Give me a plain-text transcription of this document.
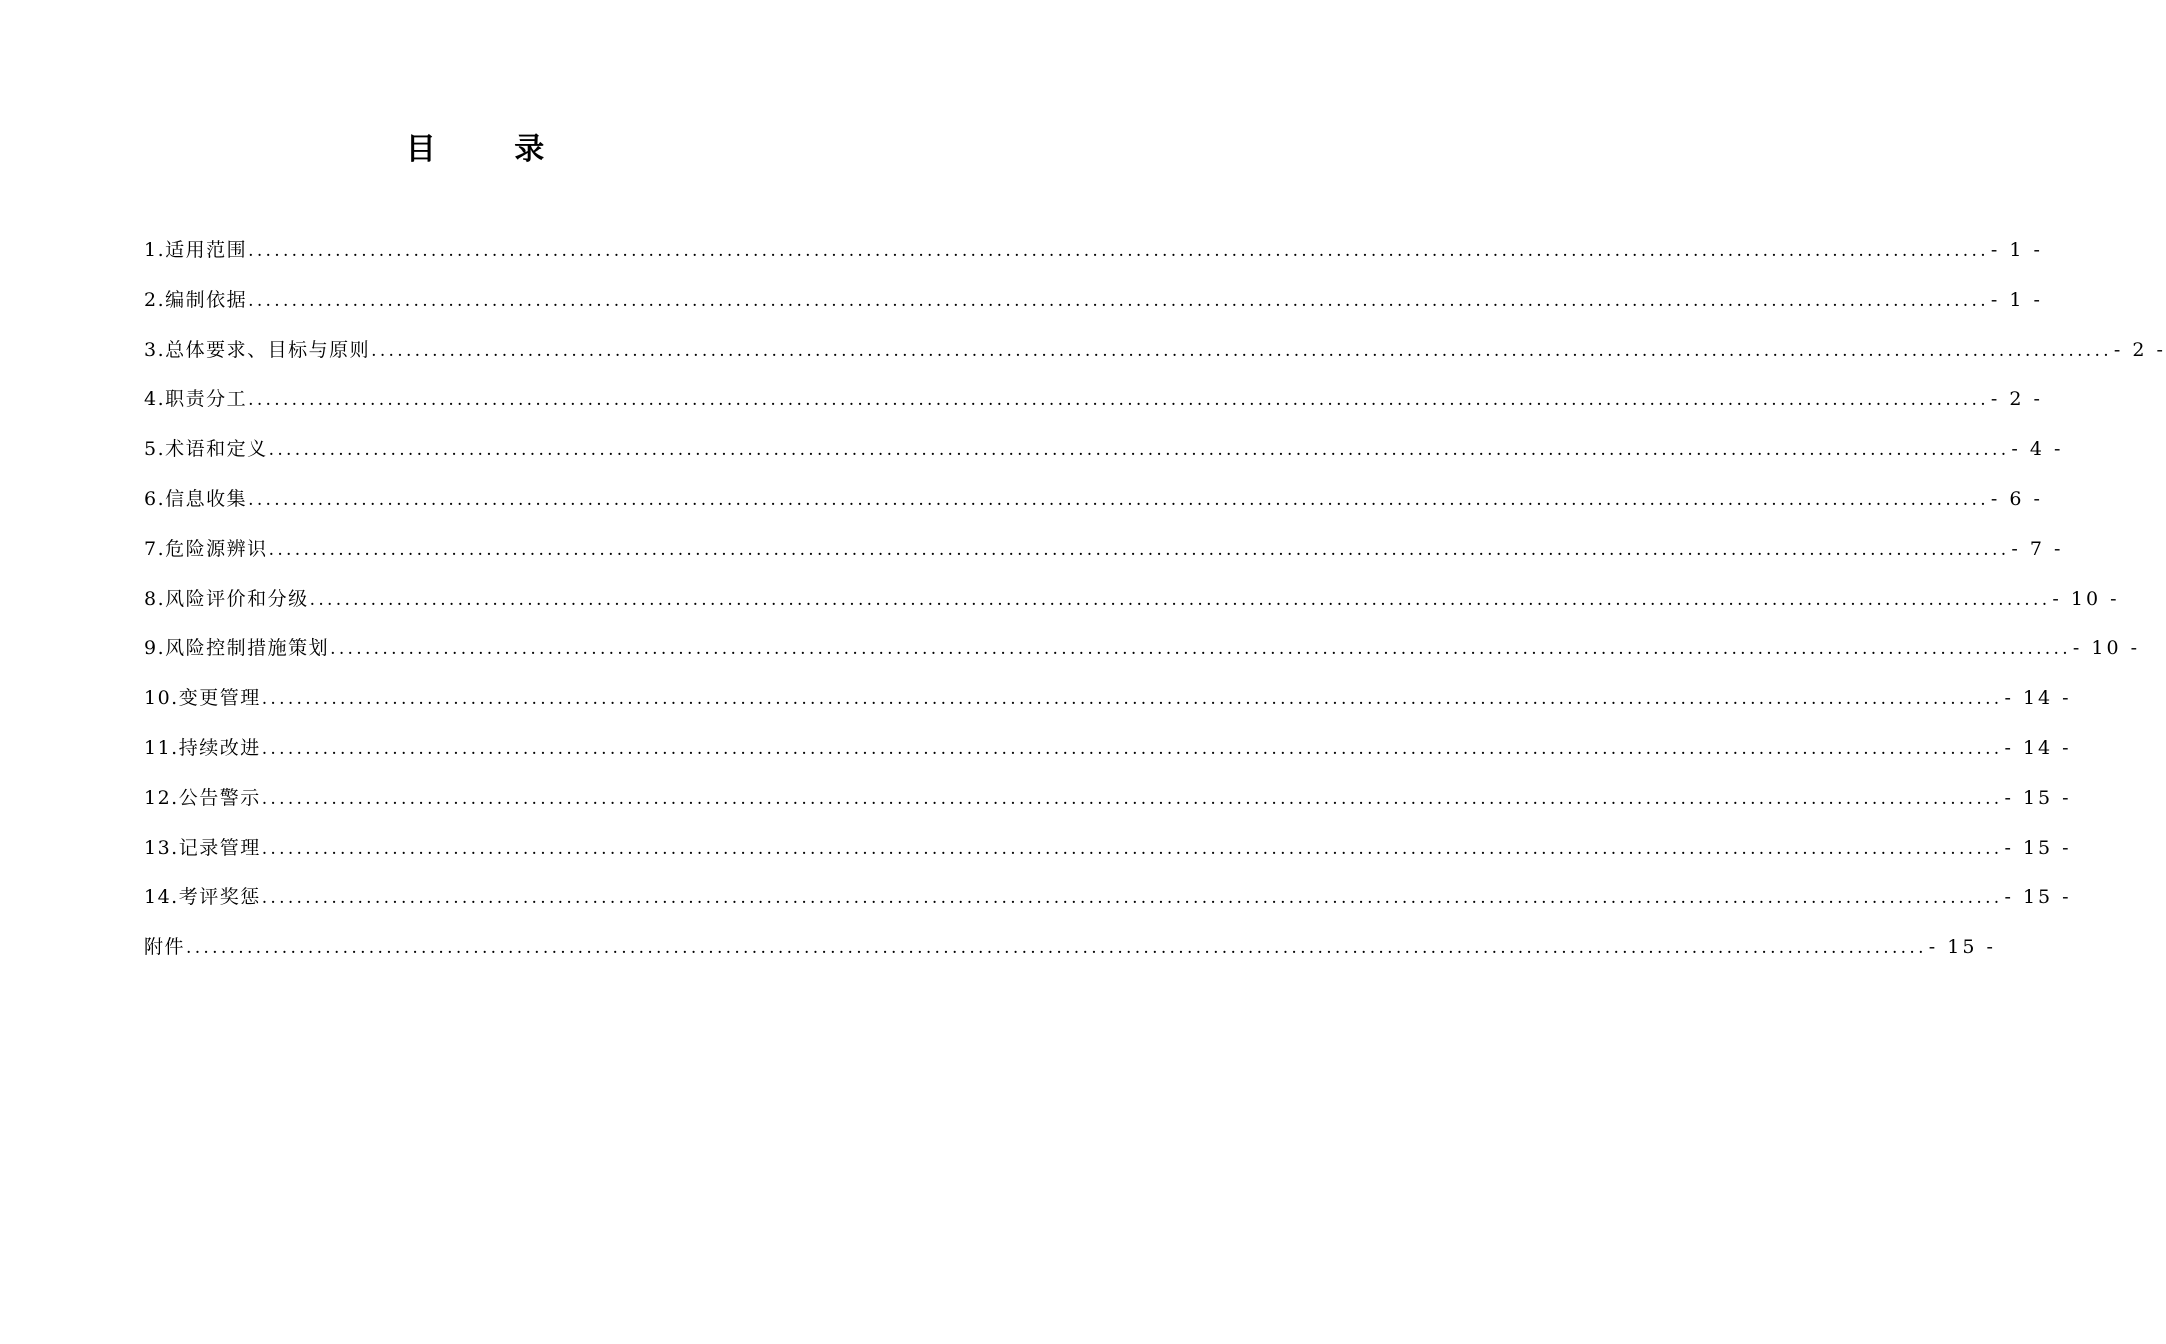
目 录
1.适用范围 ........................................................................................................................................................................................................ - 1 -
2.编制依据 ........................................................................................................................................................................................................ - 1 -
3.总体要求、目标与原则 ........................................................................................................................................................................................................ - 2 -
4.职责分工 ........................................................................................................................................................................................................ - 2 -
5.术语和定义 ........................................................................................................................................................................................................ - 4 -
6.信息收集 ........................................................................................................................................................................................................ - 6 -
7.危险源辨识 ........................................................................................................................................................................................................ - 7 -
8.风险评价和分级 ........................................................................................................................................................................................................ - 10 -
9.风险控制措施策划 ........................................................................................................................................................................................................ - 10 -
10.变更管理 ........................................................................................................................................................................................................ - 14 -
11.持续改进 ........................................................................................................................................................................................................ - 14 -
12.公告警示 ........................................................................................................................................................................................................ - 15 -
13.记录管理 ........................................................................................................................................................................................................ - 15 -
14.考评奖惩 ........................................................................................................................................................................................................ - 15 -
附件 ........................................................................................................................................................................................................ - 15 -
